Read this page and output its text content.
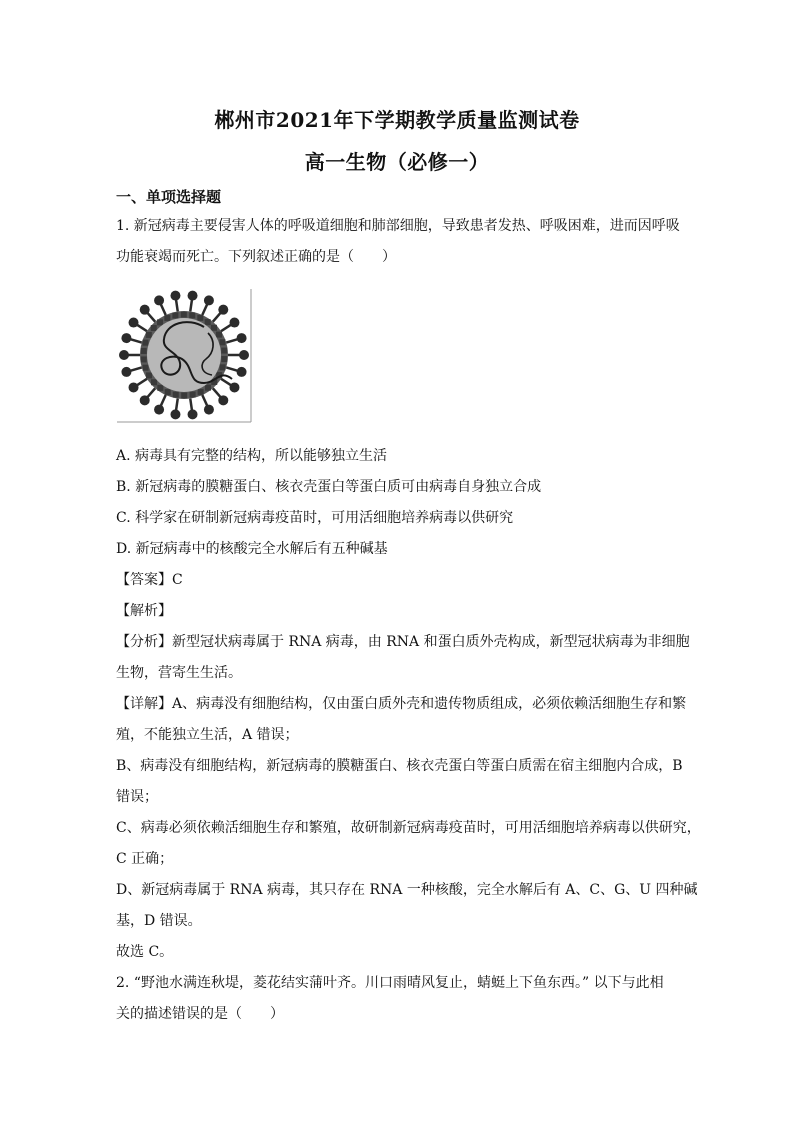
郴州市2021年下学期教学质量监测试卷
高一生物（必修一）
一、单项选择题
1. 新冠病毒主要侵害人体的呼吸道细胞和肺部细胞，导致患者发热、呼吸困难，进而因呼吸
功能衰竭而死亡。下列叙述正确的是（　　）
A. 病毒具有完整的结构，所以能够独立生活
B. 新冠病毒的膜糖蛋白、核衣壳蛋白等蛋白质可由病毒自身独立合成
C. 科学家在研制新冠病毒疫苗时，可用活细胞培养病毒以供研究
D. 新冠病毒中的核酸完全水解后有五种碱基
【答案】C
【解析】
【分析】新型冠状病毒属于 RNA 病毒，由 RNA 和蛋白质外壳构成，新型冠状病毒为非细胞
生物，营寄生生活。
【详解】A、病毒没有细胞结构，仅由蛋白质外壳和遗传物质组成，必须依赖活细胞生存和繁
殖，不能独立生活，A 错误；
B、病毒没有细胞结构，新冠病毒的膜糖蛋白、核衣壳蛋白等蛋白质需在宿主细胞内合成，B
错误；
C、病毒必须依赖活细胞生存和繁殖，故研制新冠病毒疫苗时，可用活细胞培养病毒以供研究，
C 正确；
D、新冠病毒属于 RNA 病毒，其只存在 RNA 一种核酸，完全水解后有 A、C、G、U 四种碱
基，D 错误。
故选 C。
2. “野池水满连秋堤，菱花结实蒲叶齐。川口雨晴风复止，蜻蜓上下鱼东西。” 以下与此相
关的描述错误的是（　　）
